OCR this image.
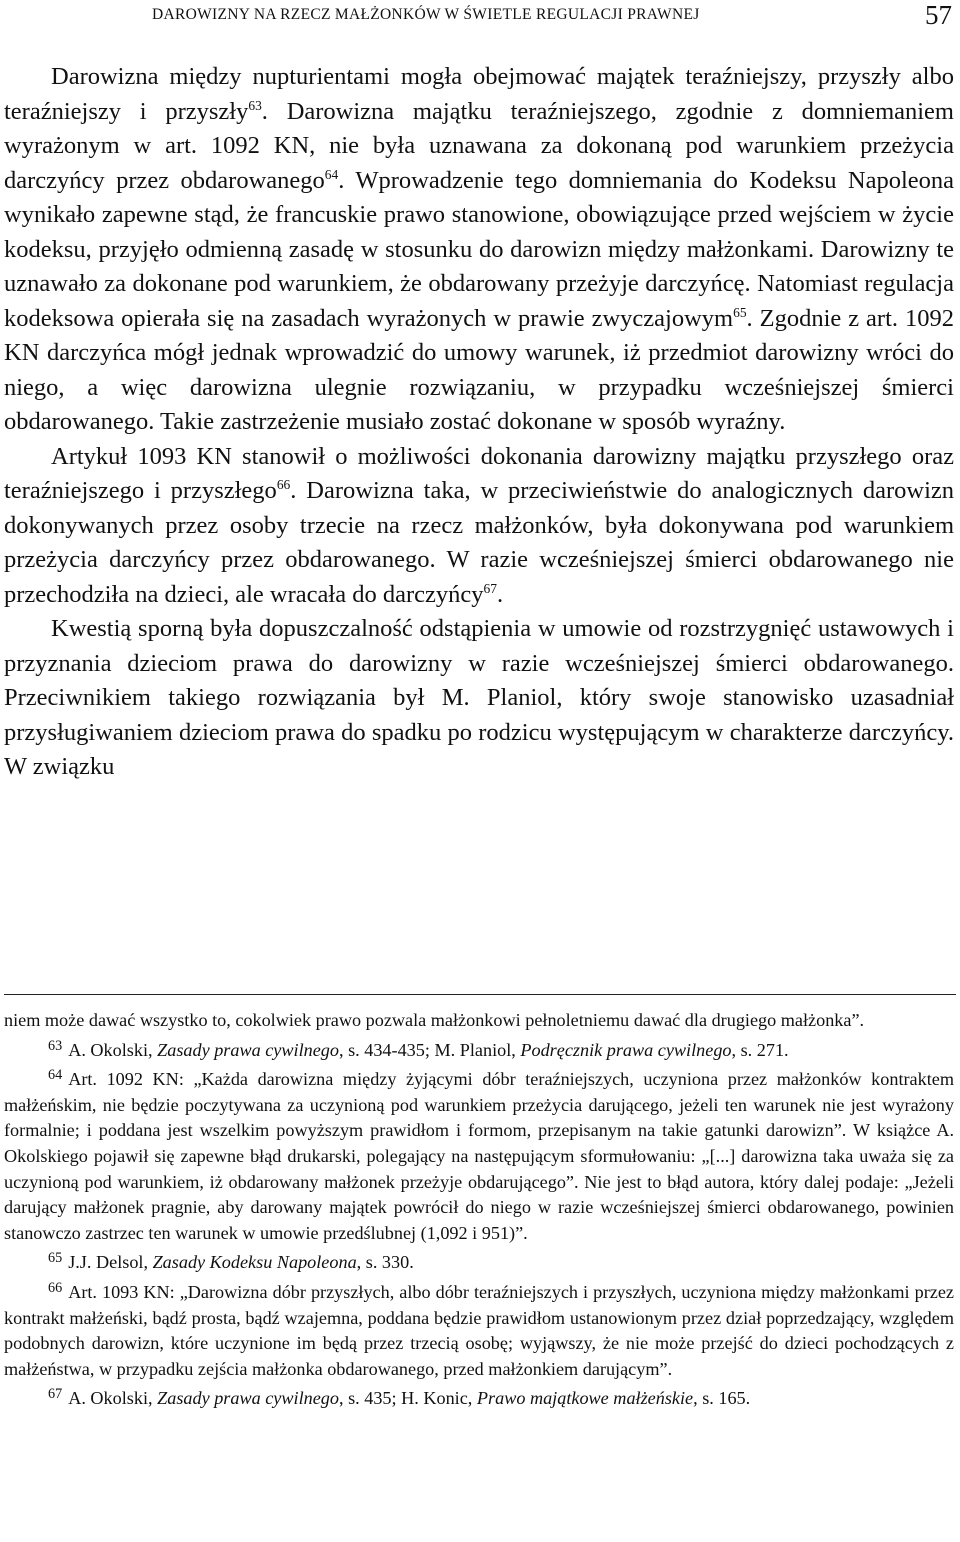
DAROWIZNY NA RZECZ MAŁŻONKÓW W ŚWIETLE REGULACJI PRAWNEJ	57

Darowizna między nupturientami mogła obejmować majątek teraźniejszy, przyszły albo teraźniejszy i przyszły$^{63}$. Darowizna majątku teraźniejszego, zgodnie z domniemaniem wyrażonym w art. 1092 KN, nie była uznawana za dokonaną pod warunkiem przeżycia darczyńcy przez obdarowanego$^{64}$. Wprowadzenie tego domniemania do Kodeksu Napoleona wynikało zapewne stąd, że francuskie prawo stanowione, obowiązujące przed wejściem w życie kodeksu, przyjęło odmienną zasadę w stosunku do darowizn między małżonkami. Darowizny te uznawało za dokonane pod warunkiem, że obdarowany przeżyje darczyńcę. Natomiast regulacja kodeksowa opierała się na zasadach wyrażonych w prawie zwyczajowym$^{65}$. Zgodnie z art. 1092 KN darczyńca mógł jednak wprowadzić do umowy warunek, iż przedmiot darowizny wróci do niego, a więc darowizna ulegnie rozwiązaniu, w przypadku wcześniejszej śmierci obdarowanego. Takie zastrzeżenie musiało zostać dokonane w sposób wyraźny.

Artykuł 1093 KN stanowił o możliwości dokonania darowizny majątku przyszłego oraz teraźniejszego i przyszłego$^{66}$. Darowizna taka, w przeciwieństwie do analogicznych darowizn dokonywanych przez osoby trzecie na rzecz małżonków, była dokonywana pod warunkiem przeżycia darczyńcy przez obdarowanego. W razie wcześniejszej śmierci obdarowanego nie przechodziła na dzieci, ale wracała do darczyńcy$^{67}$.

Kwestią sporną była dopuszczalność odstąpienia w umowie od rozstrzygnięć ustawowych i przyznania dzieciom prawa do darowizny w razie wcześniejszej śmierci obdarowanego. Przeciwnikiem takiego rozwiązania był M. Planiol, który swoje stanowisko uzasadniał przysługiwaniem dzieciom prawa do spadku po rodzicu występującym w charakterze darczyńcy. W związku

niem może dawać wszystko to, cokolwiek prawo pozwala małżonkowi pełnoletniemu dawać dla drugiego małżonka”.

$^{63}$ A. Okolski, Zasady prawa cywilnego, s. 434-435; M. Planiol, Podręcznik prawa cywilnego, s. 271.

$^{64}$ Art. 1092 KN: „Każda darowizna między żyjącymi dóbr teraźniejszych, uczyniona przez małżonków kontraktem małżeńskim, nie będzie poczytywana za uczynioną pod warunkiem przeżycia darującego, jeżeli ten warunek nie jest wyrażony formalnie; i poddana jest wszelkim powyższym prawidłom i formom, przepisanym na takie gatunki darowizn”. W książce A. Okolskiego pojawił się zapewne błąd drukarski, polegający na następującym sformułowaniu: „[...] darowizna taka uważa się za uczynioną pod warunkiem, iż obdarowany małżonek przeżyje obdarującego”. Nie jest to błąd autora, który dalej podaje: „Jeżeli darujący małżonek pragnie, aby darowany majątek powrócił do niego w razie wcześniejszej śmierci obdarowanego, powinien stanowczo zastrzec ten warunek w umowie przedślubnej (1,092 i 951)”.

$^{65}$ J.J. Delsol, Zasady Kodeksu Napoleona, s. 330.

$^{66}$ Art. 1093 KN: „Darowizna dóbr przyszłych, albo dóbr teraźniejszych i przyszłych, uczyniona między małżonkami przez kontrakt małżeński, bądź prosta, bądź wzajemna, poddana będzie prawidłom ustanowionym przez dział poprzedzający, względem podobnych darowizn, które uczynione im będą przez trzecią osobę; wyjąwszy, że nie może przejść do dzieci pochodzących z małżeństwa, w przypadku zejścia małżonka obdarowanego, przed małżonkiem darującym”.

$^{67}$ A. Okolski, Zasady prawa cywilnego, s. 435; H. Konic, Prawo majątkowe małżeńskie, s. 165.
